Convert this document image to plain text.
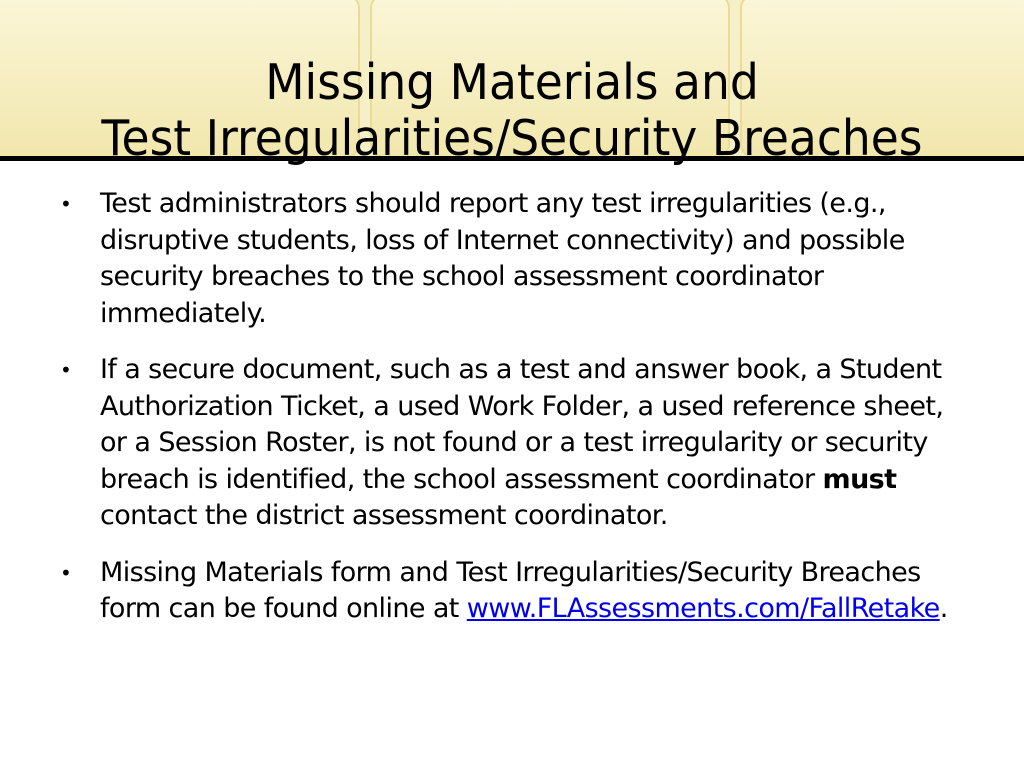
Missing Materials and
Test Irregularities/Security Breaches
•	Test administrators should report any test irregularities (e.g., disruptive students, loss of Internet connectivity) and possible security breaches to the school assessment coordinator immediately.
•	If a secure document, such as a test and answer book, a Student Authorization Ticket, a used Work Folder, a used reference sheet, or a Session Roster, is not found or a test irregularity or security breach is identified, the school assessment coordinator must contact the district assessment coordinator.
•	Missing Materials form and Test Irregularities/Security Breaches form can be found online at www.FLAssessments.com/FallRetake.
